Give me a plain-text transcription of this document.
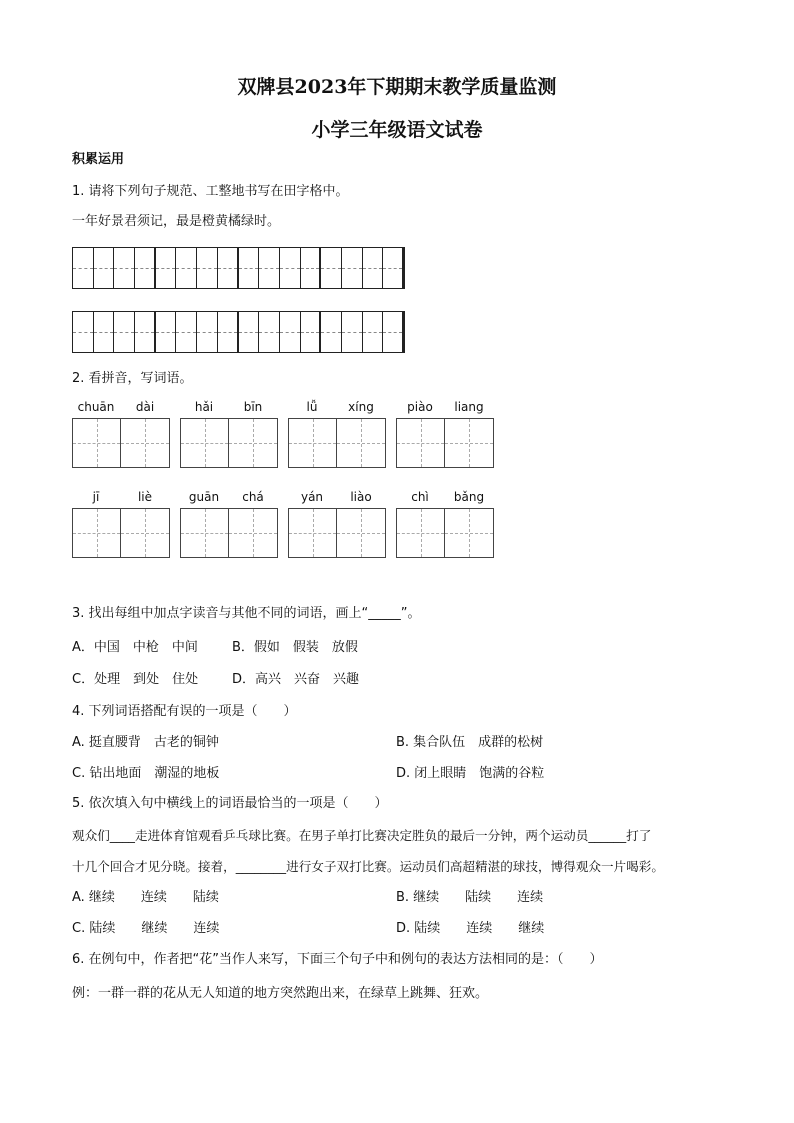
双牌县2023年下期期末教学质量监测
小学三年级语文试卷
积累运用
1. 请将下列句子规范、工整地书写在田字格中。
一年好景君须记，最是橙黄橘绿时。
2. 看拼音，写词语。
chuān	dài	hǎi	bīn	lǚ	xíng	piào	liang
jī	liè	guān	chá	yán	liào	chì	bǎng
3. 找出每组中加点字读音与其他不同的词语，画上“_____”。
A．中国　中枪　中间	B．假如　假装　放假
C．处理　到处　住处	D．高兴　兴奋　兴趣
4. 下列词语搭配有误的一项是（　　）
A. 挺直腰背　古老的铜钟	B. 集合队伍　成群的松树
C. 钻出地面　潮湿的地板	D. 闭上眼睛　饱满的谷粒
5. 依次填入句中横线上的词语最恰当的一项是（　　）
观众们____走进体育馆观看乒乓球比赛。在男子单打比赛决定胜负的最后一分钟，两个运动员______打了
十几个回合才见分晓。接着，________进行女子双打比赛。运动员们高超精湛的球技，博得观众一片喝彩。
A. 继续　　连续　　陆续	B. 继续　　陆续　　连续
C. 陆续　　继续　　连续	D. 陆续　　连续　　继续
6. 在例句中，作者把“花”当作人来写，下面三个句子中和例句的表达方法相同的是：（　　）
例：一群一群的花从无人知道的地方突然跑出来，在绿草上跳舞、狂欢。
